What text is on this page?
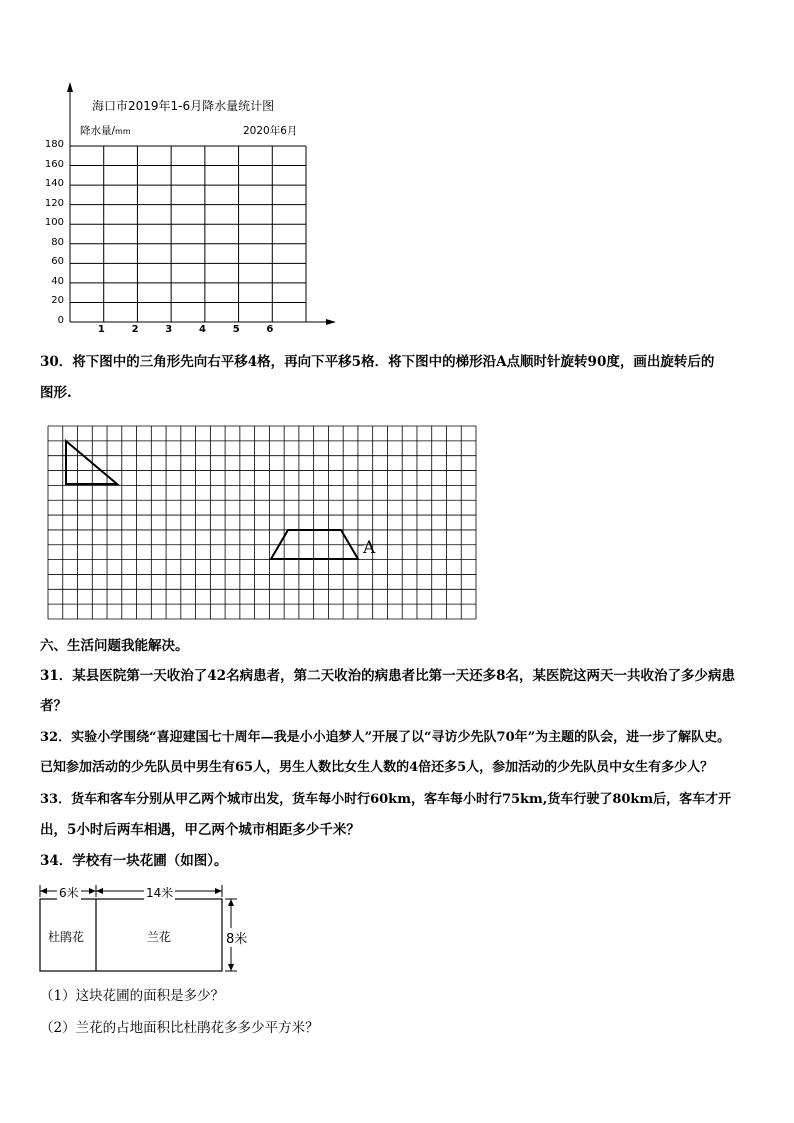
海口市2019年1-6月降水量统计图
降水量/mm	2020年6月
0
20
40
60
80
100
120
140
160
180
1	2	3	4	5	6
30．将下图中的三角形先向右平移4格，再向下平移5格．将下图中的梯形沿A点顺时针旋转90度，画出旋转后的
图形.
A
六、生活问题我能解决。
31．某县医院第一天收治了42名病患者，第二天收治的病患者比第一天还多8名，某医院这两天一共收治了多少病患
者？
32．实验小学围绕“喜迎建国七十周年—我是小小追梦人”开展了以“寻访少先队70年”为主题的队会，进一步了解队史。
已知参加活动的少先队员中男生有65人，男生人数比女生人数的4倍还多5人，参加活动的少先队员中女生有多少人？
33．货车和客车分别从甲乙两个城市出发，货车每小时行60km，客车每小时行75km,货车行驶了80km后，客车才开
出，5小时后两车相遇，甲乙两个城市相距多少千米？
34．学校有一块花圃（如图）。
6米	14米
8米
杜鹃花	兰花
（1）这块花圃的面积是多少？
（2）兰花的占地面积比杜鹃花多多少平方米？
